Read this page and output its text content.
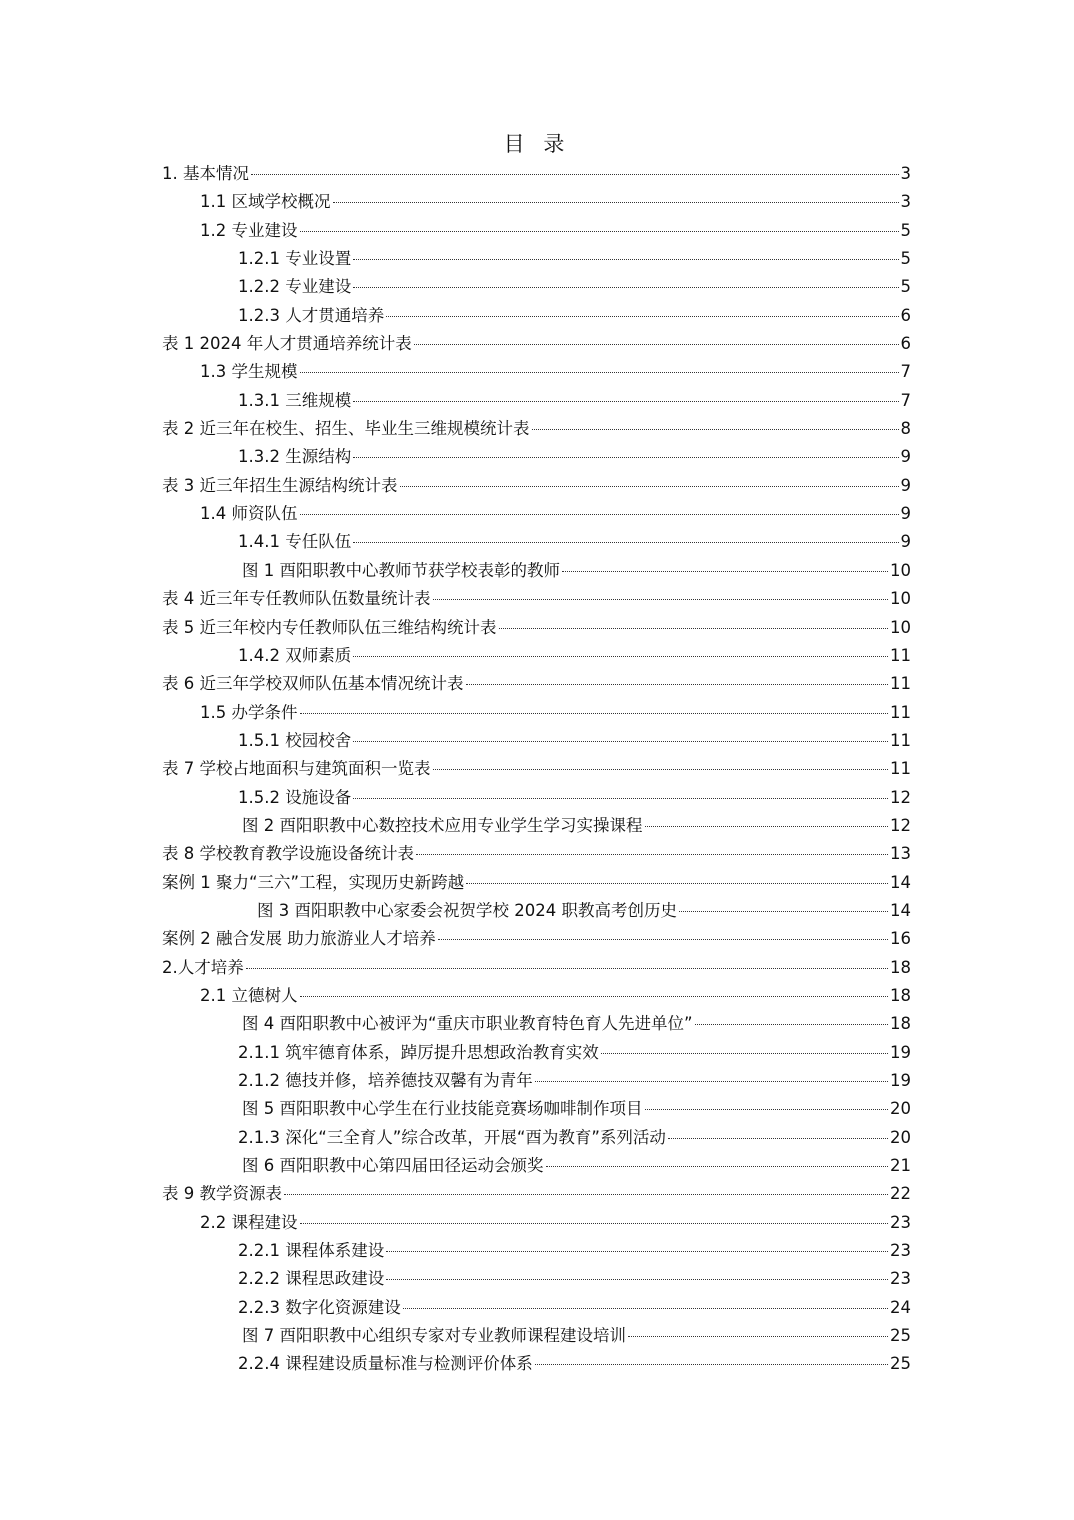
目 录
1. 基本情况	3
1.1 区域学校概况	3
1.2 专业建设	5
1.2.1 专业设置	5
1.2.2 专业建设	5
1.2.3 人才贯通培养	6
表 1 2024 年人才贯通培养统计表	6
1.3 学生规模	7
1.3.1 三维规模	7
表 2 近三年在校生、招生、毕业生三维规模统计表	8
1.3.2 生源结构	9
表 3 近三年招生生源结构统计表	9
1.4 师资队伍	9
1.4.1 专任队伍	9
图 1 酉阳职教中心教师节获学校表彰的教师	10
表 4 近三年专任教师队伍数量统计表	10
表 5 近三年校内专任教师队伍三维结构统计表	10
1.4.2 双师素质	11
表 6 近三年学校双师队伍基本情况统计表	11
1.5 办学条件	11
1.5.1 校园校舍	11
表 7 学校占地面积与建筑面积一览表	11
1.5.2 设施设备	12
图 2 酉阳职教中心数控技术应用专业学生学习实操课程	12
表 8 学校教育教学设施设备统计表	13
案例 1 聚力“三六”工程，实现历史新跨越	14
图 3 酉阳职教中心家委会祝贺学校 2024 职教高考创历史	14
案例 2 融合发展 助力旅游业人才培养	16
2.人才培养	18
2.1 立德树人	18
图 4 酉阳职教中心被评为“重庆市职业教育特色育人先进单位”	18
2.1.1 筑牢德育体系，踔厉提升思想政治教育实效	19
2.1.2 德技并修，培养德技双馨有为青年	19
图 5 酉阳职教中心学生在行业技能竞赛场咖啡制作项目	20
2.1.3 深化“三全育人”综合改革，开展“酉为教育”系列活动	20
图 6 酉阳职教中心第四届田径运动会颁奖	21
表 9 教学资源表	22
2.2 课程建设	23
2.2.1 课程体系建设	23
2.2.2 课程思政建设	23
2.2.3 数字化资源建设	24
图 7 酉阳职教中心组织专家对专业教师课程建设培训	25
2.2.4 课程建设质量标准与检测评价体系	25
